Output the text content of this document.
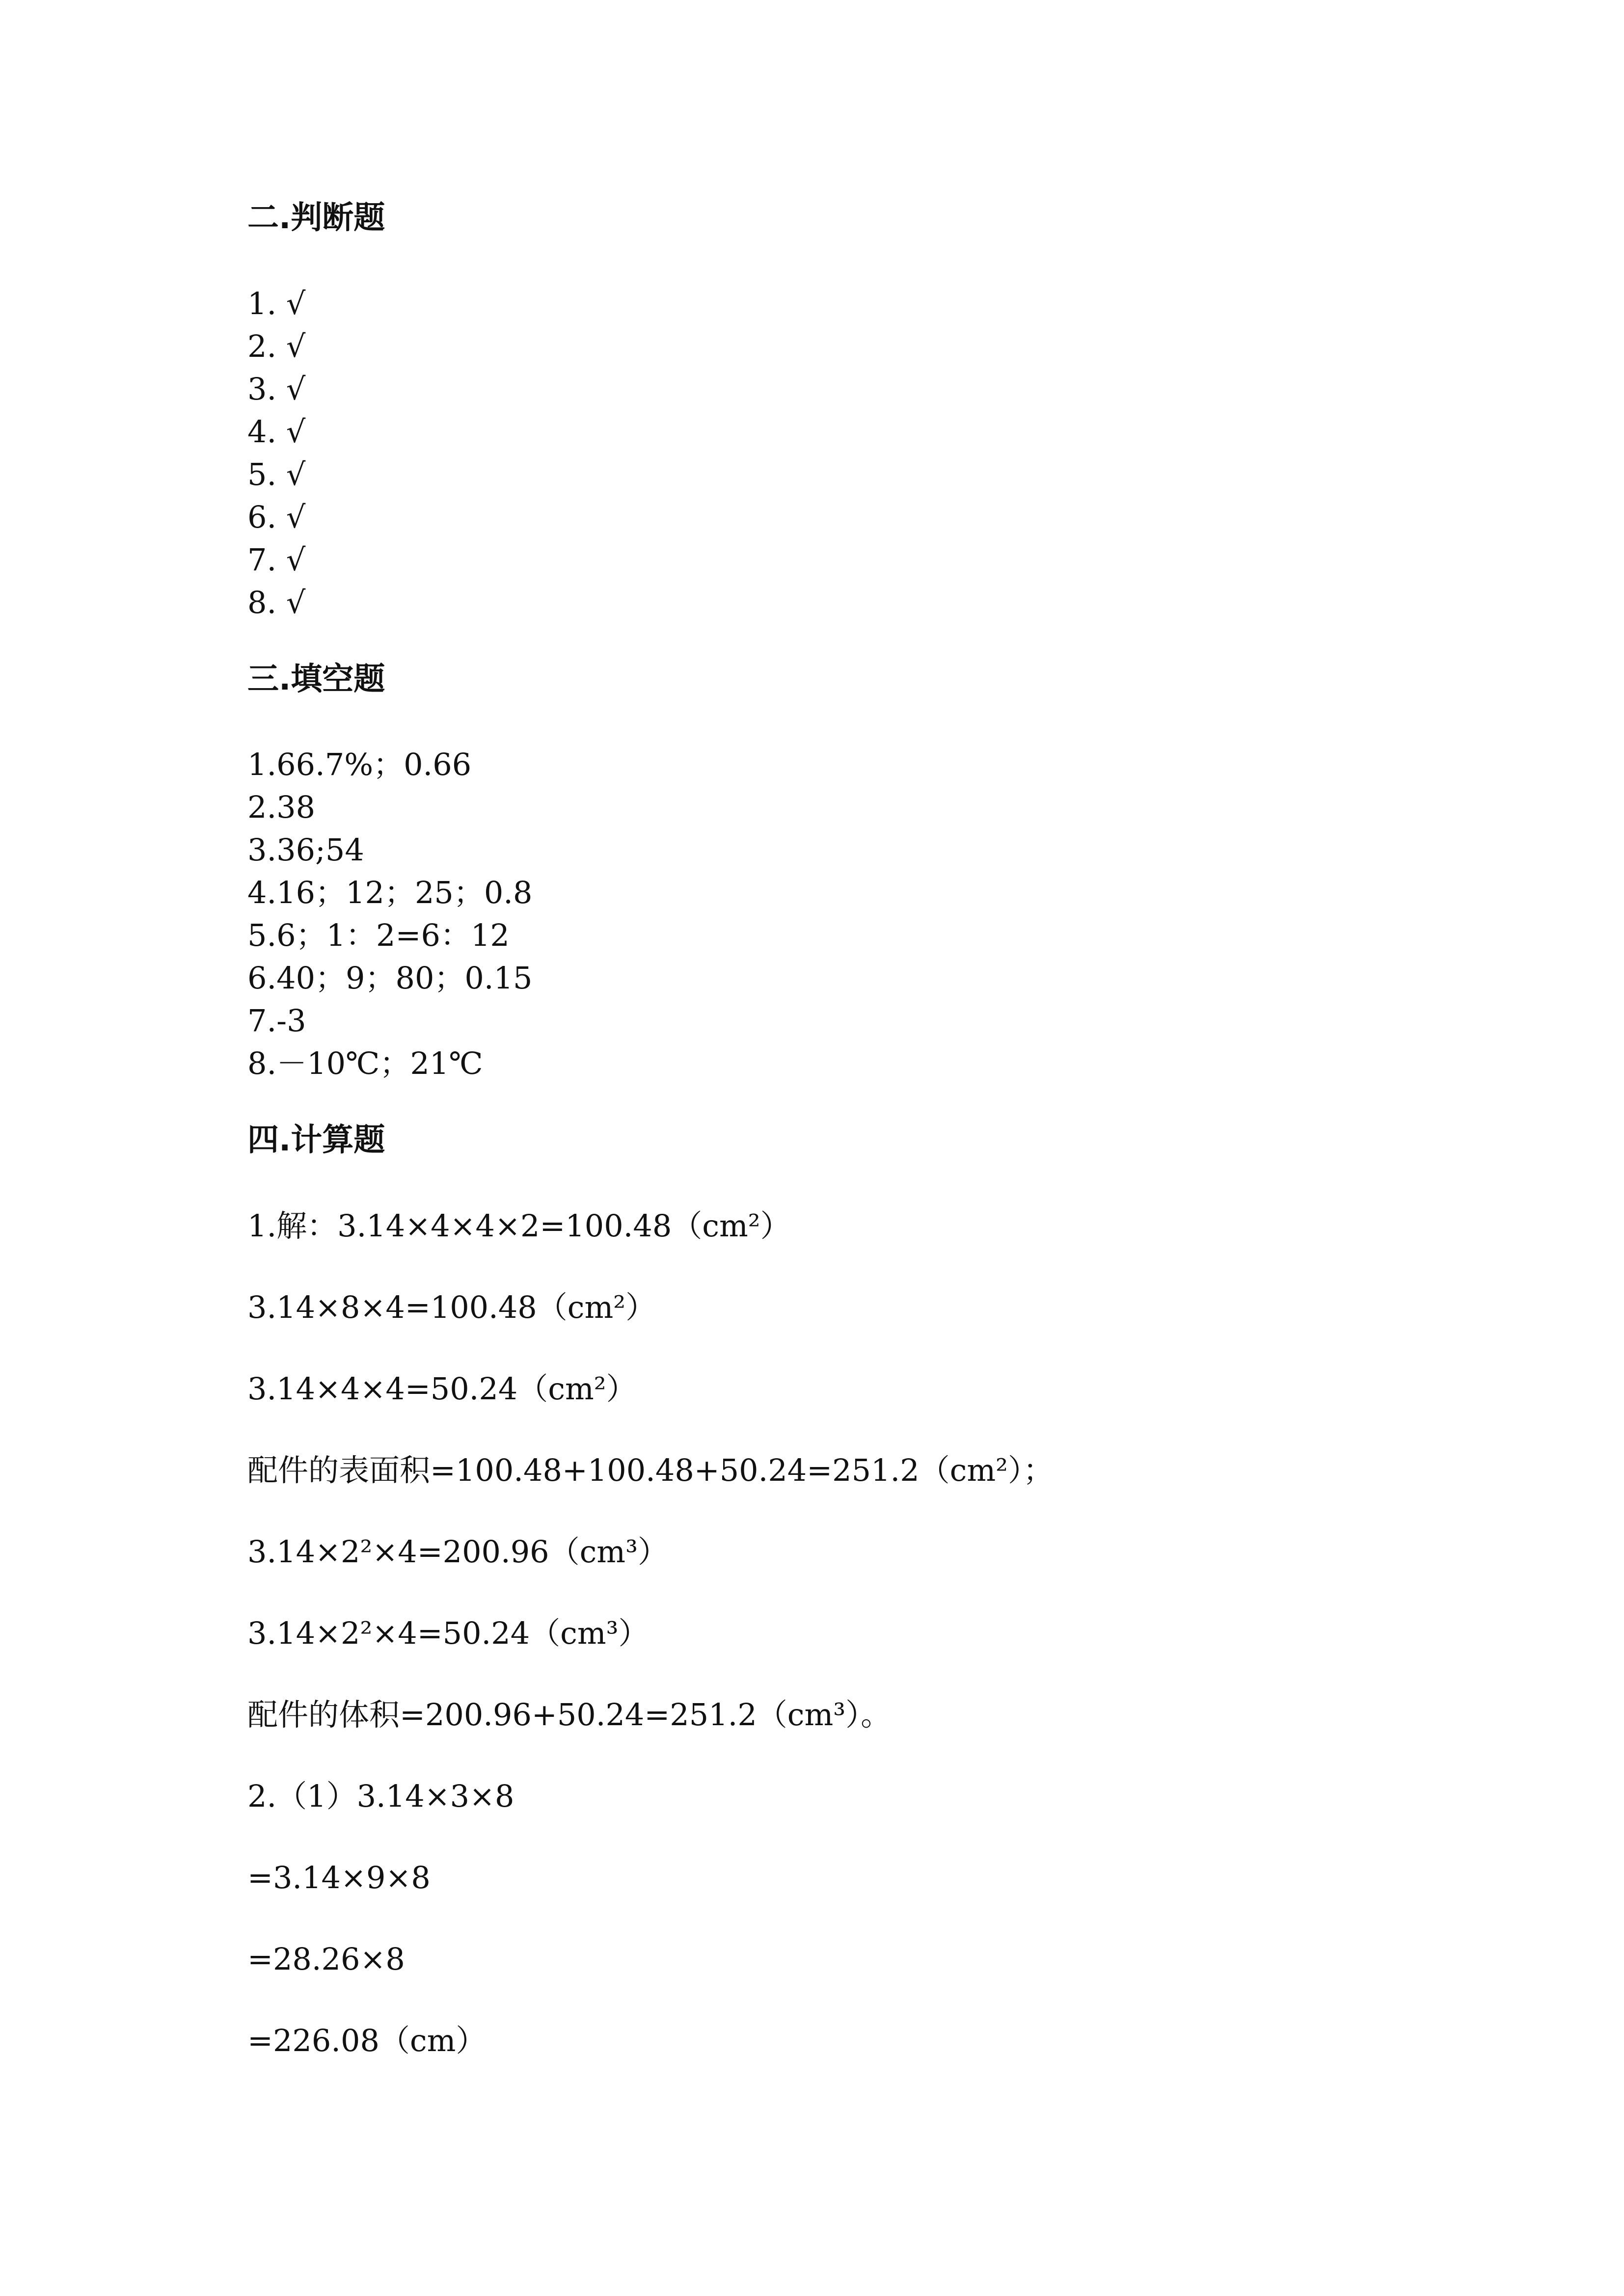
二.判断题

1. √

2. √

3. √

4. √

5. √

6. √

7. √

8. √

三.填空题

1.66.7%；0.66

2.38

3.36;54

4.16；12；25；0.8

5.6；1：2=6：12

6.40；9；80；0.15

7.-3

8.－10℃；21℃

四.计算题

1.解：3.14×4×4×2=100.48（cm²）

3.14×8×4=100.48（cm²）

3.14×4×4=50.24（cm²）

配件的表面积=100.48+100.48+50.24=251.2（cm²）；

3.14×2²×4=200.96（cm³）

3.14×2²×4=50.24（cm³）

配件的体积=200.96+50.24=251.2（cm³）。

2.（1）3.14×3×8

=3.14×9×8

=28.26×8

=226.08（cm）
